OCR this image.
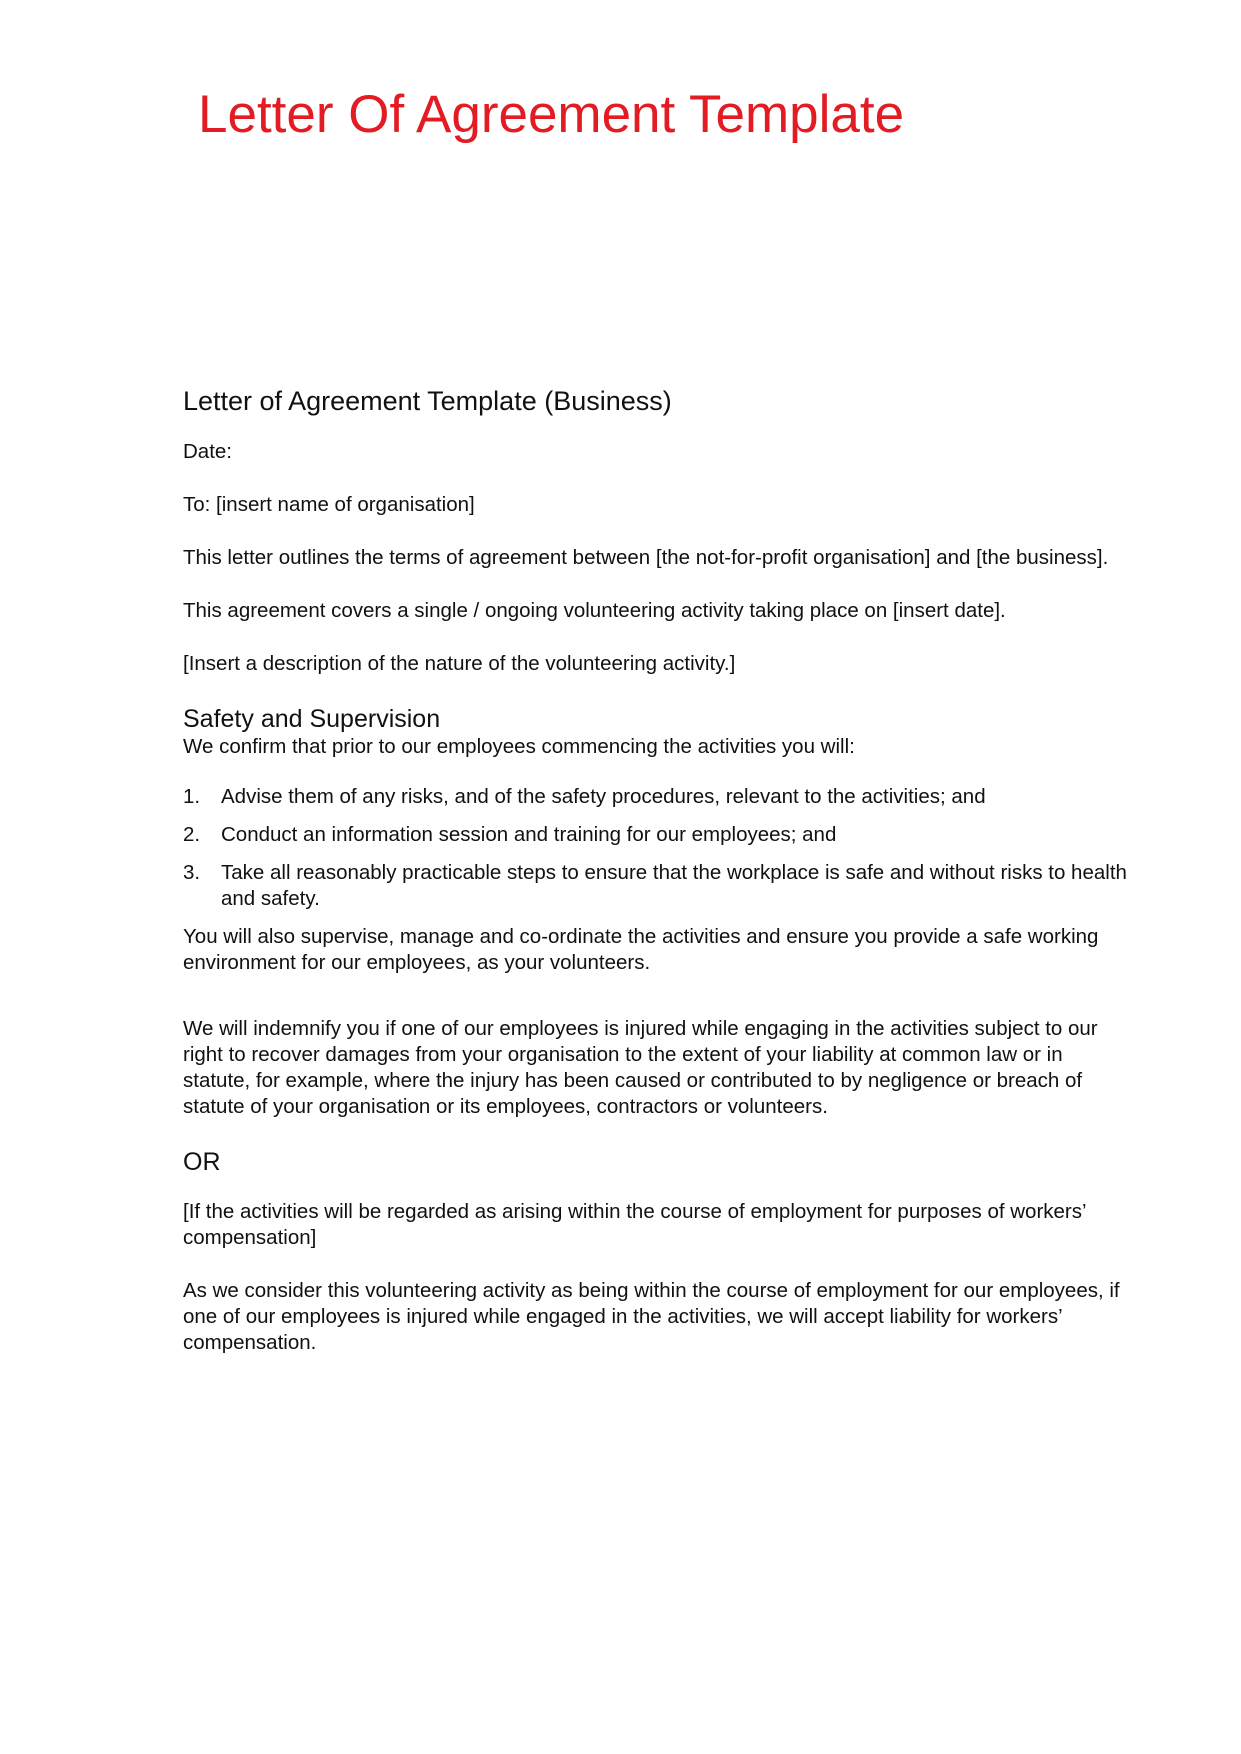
Letter Of Agreement Template
Letter of Agreement Template (Business)

Date:

To: [insert name of organisation]

This letter outlines the terms of agreement between [the not-for-profit organisation] and [the business].

This agreement covers a single / ongoing volunteering activity taking place on [insert date].

[Insert a description of the nature of the volunteering activity.]

Safety and Supervision

We confirm that prior to our employees commencing the activities you will:

1. Advise them of any risks, and of the safety procedures, relevant to the activities; and
2. Conduct an information session and training for our employees; and
3. Take all reasonably practicable steps to ensure that the workplace is safe and without risks to health and safety.

You will also supervise, manage and co-ordinate the activities and ensure you provide a safe working environment for our employees, as your volunteers.

We will indemnify you if one of our employees is injured while engaging in the activities subject to our right to recover damages from your organisation to the extent of your liability at common law or in statute, for example, where the injury has been caused or contributed to by negligence or breach of statute of your organisation or its employees, contractors or volunteers.

OR

[If the activities will be regarded as arising within the course of employment for purposes of workers’ compensation]

As we consider this volunteering activity as being within the course of employment for our employees, if one of our employees is injured while engaged in the activities, we will accept liability for workers’ compensation.
